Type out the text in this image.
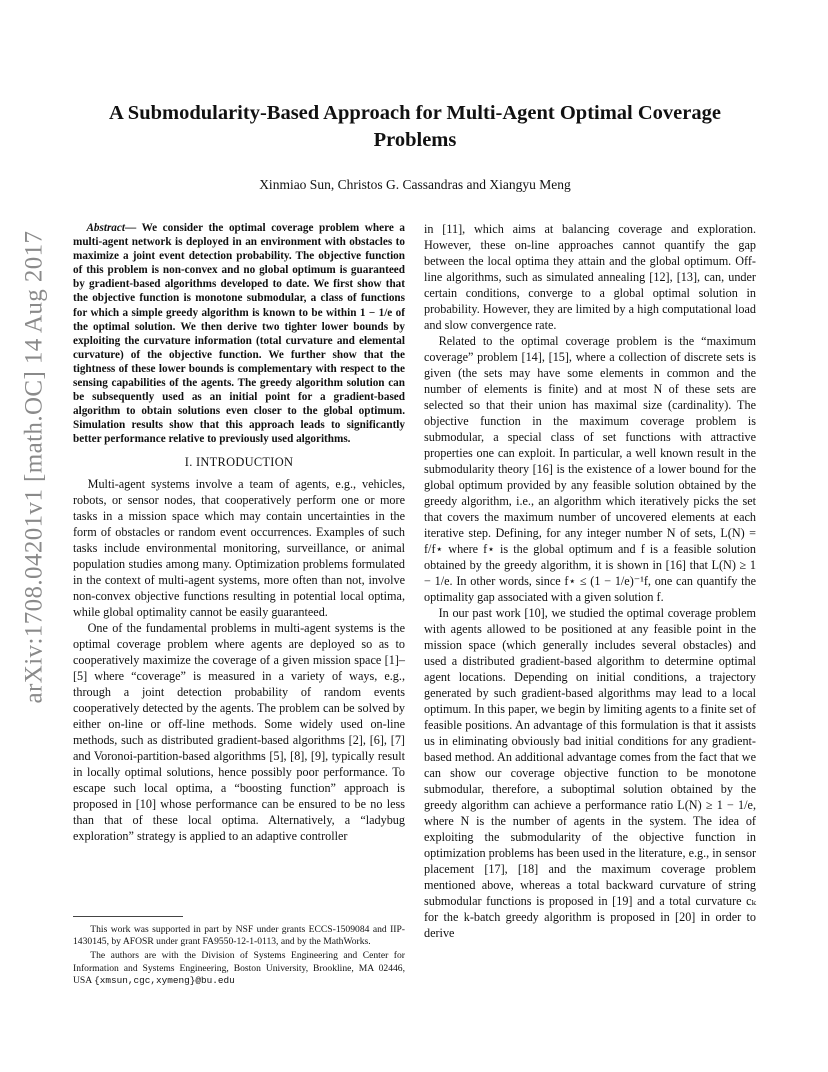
arXiv:1708.04201v1 [math.OC] 14 Aug 2017
A Submodularity-Based Approach for Multi-Agent Optimal Coverage Problems
Xinmiao Sun, Christos G. Cassandras and Xiangyu Meng

Abstract— We consider the optimal coverage problem where a multi-agent network is deployed in an environment with obstacles to maximize a joint event detection probability. The objective function of this problem is non-convex and no global optimum is guaranteed by gradient-based algorithms developed to date. We first show that the objective function is monotone submodular, a class of functions for which a simple greedy algorithm is known to be within 1 − 1/e of the optimal solution. We then derive two tighter lower bounds by exploiting the curvature information (total curvature and elemental curvature) of the objective function. We further show that the tightness of these lower bounds is complementary with respect to the sensing capabilities of the agents. The greedy algorithm solution can be subsequently used as an initial point for a gradient-based algorithm to obtain solutions even closer to the global optimum. Simulation results show that this approach leads to significantly better performance relative to previously used algorithms.

I. INTRODUCTION

Multi-agent systems involve a team of agents, e.g., vehicles, robots, or sensor nodes, that cooperatively perform one or more tasks in a mission space which may contain uncertainties in the form of obstacles or random event occurrences. Examples of such tasks include environmental monitoring, surveillance, or animal population studies among many. Optimization problems formulated in the context of multi-agent systems, more often than not, involve non-convex objective functions resulting in potential local optima, while global optimality cannot be easily guaranteed.

One of the fundamental problems in multi-agent systems is the optimal coverage problem where agents are deployed so as to cooperatively maximize the coverage of a given mission space [1]–[5] where “coverage” is measured in a variety of ways, e.g., through a joint detection probability of random events cooperatively detected by the agents. The problem can be solved by either on-line or off-line methods. Some widely used on-line methods, such as distributed gradient-based algorithms [2], [6], [7] and Voronoi-partition-based algorithms [5], [8], [9], typically result in locally optimal solutions, hence possibly poor performance. To escape such local optima, a “boosting function” approach is proposed in [10] whose performance can be ensured to be no less than that of these local optima. Alternatively, a “ladybug exploration” strategy is applied to an adaptive controller

in [11], which aims at balancing coverage and exploration. However, these on-line approaches cannot quantify the gap between the local optima they attain and the global optimum. Off-line algorithms, such as simulated annealing [12], [13], can, under certain conditions, converge to a global optimal solution in probability. However, they are limited by a high computational load and slow convergence rate.

Related to the optimal coverage problem is the “maximum coverage” problem [14], [15], where a collection of discrete sets is given (the sets may have some elements in common and the number of elements is finite) and at most N of these sets are selected so that their union has maximal size (cardinality). The objective function in the maximum coverage problem is submodular, a special class of set functions with attractive properties one can exploit. In particular, a well known result in the submodularity theory [16] is the existence of a lower bound for the global optimum provided by any feasible solution obtained by the greedy algorithm, i.e., an algorithm which iteratively picks the set that covers the maximum number of uncovered elements at each iterative step. Defining, for any integer number N of sets, L(N) = f/f⋆ where f⋆ is the global optimum and f is a feasible solution obtained by the greedy algorithm, it is shown in [16] that L(N) ≥ 1 − 1/e. In other words, since f⋆ ≤ (1 − 1/e)⁻¹f, one can quantify the optimality gap associated with a given solution f.

In our past work [10], we studied the optimal coverage problem with agents allowed to be positioned at any feasible point in the mission space (which generally includes several obstacles) and used a distributed gradient-based algorithm to determine optimal agent locations. Depending on initial conditions, a trajectory generated by such gradient-based algorithms may lead to a local optimum. In this paper, we begin by limiting agents to a finite set of feasible positions. An advantage of this formulation is that it assists us in eliminating obviously bad initial conditions for any gradient-based method. An additional advantage comes from the fact that we can show our coverage objective function to be monotone submodular, therefore, a suboptimal solution obtained by the greedy algorithm can achieve a performance ratio L(N) ≥ 1 − 1/e, where N is the number of agents in the system. The idea of exploiting the submodularity of the objective function in optimization problems has been used in the literature, e.g., in sensor placement [17], [18] and the maximum coverage problem mentioned above, whereas a total backward curvature of string submodular functions is proposed in [19] and a total curvature cₖ for the k-batch greedy algorithm is proposed in [20] in order to derive

This work was supported in part by NSF under grants ECCS-1509084 and IIP-1430145, by AFOSR under grant FA9550-12-1-0113, and by the MathWorks.

The authors are with the Division of Systems Engineering and Center for Information and Systems Engineering, Boston University, Brookline, MA 02446, USA {xmsun,cgc,xymeng}@bu.edu
